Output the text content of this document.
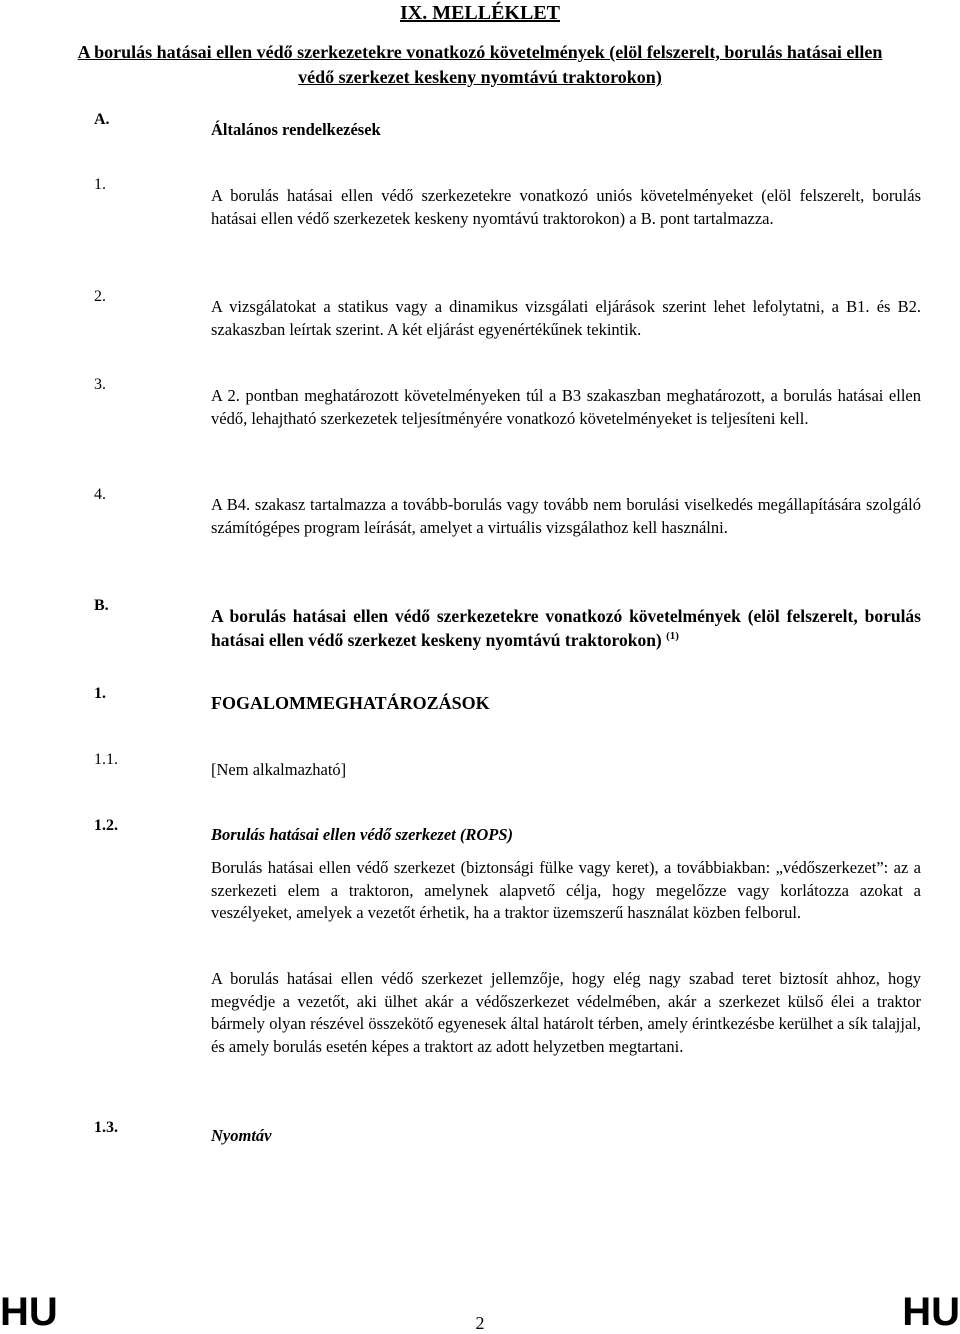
IX. MELLÉKLET
A borulás hatásai ellen védő szerkezetekre vonatkozó követelmények (elöl felszerelt, borulás hatásai ellen védő szerkezet keskeny nyomtávú traktorokon)
A.
Általános rendelkezések
1.
A borulás hatásai ellen védő szerkezetekre vonatkozó uniós követelményeket (elöl felszerelt, borulás hatásai ellen védő szerkezetek keskeny nyomtávú traktorokon) a B. pont tartalmazza.
2.
A vizsgálatokat a statikus vagy a dinamikus vizsgálati eljárások szerint lehet lefolytatni, a B1. és B2. szakaszban leírtak szerint. A két eljárást egyenértékűnek tekintik.
3.
A 2. pontban meghatározott követelményeken túl a B3 szakaszban meghatározott, a borulás hatásai ellen védő, lehajtható szerkezetek teljesítményére vonatkozó követelményeket is teljesíteni kell.
4.
A B4. szakasz tartalmazza a tovább-borulás vagy tovább nem borulási viselkedés megállapítására szolgáló számítógépes program leírását, amelyet a virtuális vizsgálathoz kell használni.
B.
A borulás hatásai ellen védő szerkezetekre vonatkozó követelmények (elöl felszerelt, borulás hatásai ellen védő szerkezet keskeny nyomtávú traktorokon) $^{(1)}$
1.	FOGALOMMEGHATÁROZÁSOK
1.1.
[Nem alkalmazható]
1.2.	Borulás hatásai ellen védő szerkezet (ROPS)
Borulás hatásai ellen védő szerkezet (biztonsági fülke vagy keret), a továbbiakban: „védőszerkezet”: az a szerkezeti elem a traktoron, amelynek alapvető célja, hogy megelőzze vagy korlátozza azokat a veszélyeket, amelyek a vezetőt érhetik, ha a traktor üzemszerű használat közben felborul.
A borulás hatásai ellen védő szerkezet jellemzője, hogy elég nagy szabad teret biztosít ahhoz, hogy megvédje a vezetőt, aki ülhet akár a védőszerkezet védelmében, akár a szerkezet külső élei a traktor bármely olyan részével összekötő egyenesek által határolt térben, amely érintkezésbe kerülhet a sík talajjal, és amely borulás esetén képes a traktort az adott helyzetben megtartani.
1.3.	Nyomtáv
HU	2	HU
